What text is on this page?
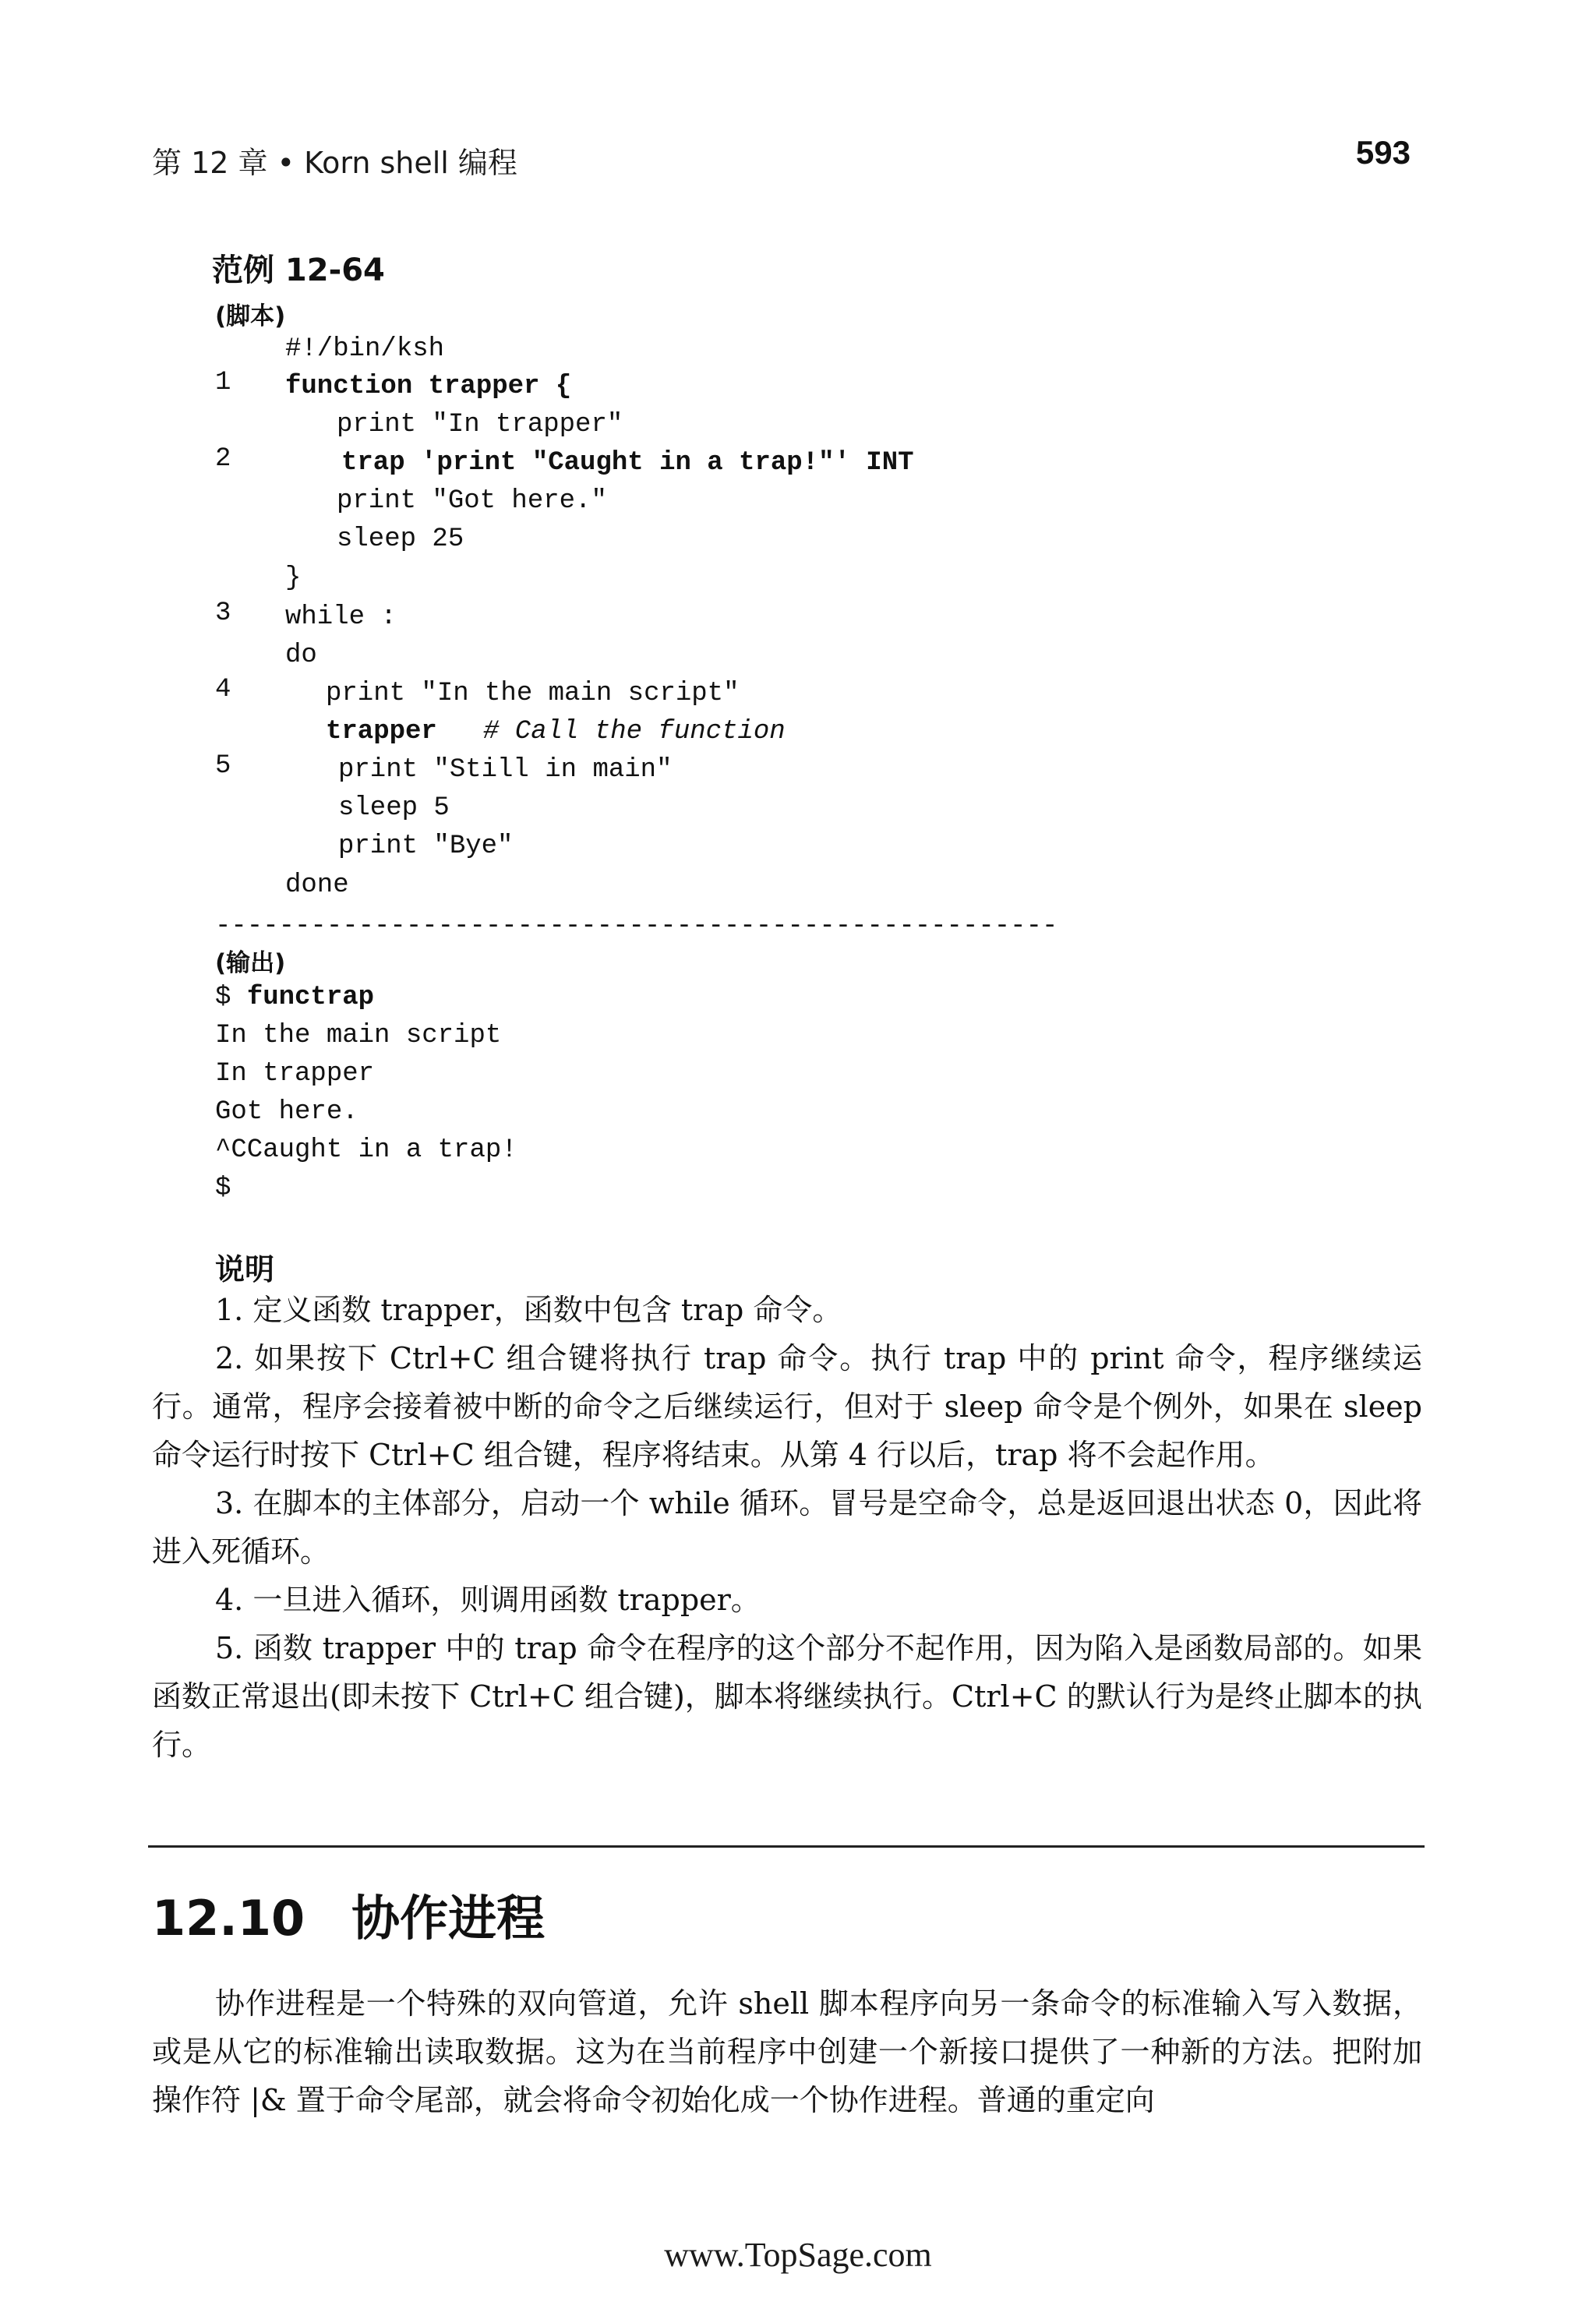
第 12 章 • Korn shell 编程	593
范例 12-64
(脚本)
1
2
3
4
5
#!/bin/ksh
function trapper {
print "In trapper"
trap 'print "Caught in a trap!"' INT
print "Got here."
sleep 25
}
while :
do
print "In the main script"
trapper # Call the function
print "Still in main"
sleep 5
print "Bye"
done
-----------------------------------------------------
(输出)
$ functrap
In the main script
In trapper
Got here.
^CCaught in a trap!
$
说明
1. 定义函数 trapper，函数中包含 trap 命令。
2. 如果按下 Ctrl+C 组合键将执行 trap 命令。执行 trap 中的 print 命令，程序继续运行。通常，程序会接着被中断的命令之后继续运行，但对于 sleep 命令是个例外，如果在 sleep 命令运行时按下 Ctrl+C 组合键，程序将结束。从第 4 行以后，trap 将不会起作用。
3. 在脚本的主体部分，启动一个 while 循环。冒号是空命令，总是返回退出状态 0，因此将进入死循环。
4. 一旦进入循环，则调用函数 trapper。
5. 函数 trapper 中的 trap 命令在程序的这个部分不起作用，因为陷入是函数局部的。如果函数正常退出(即未按下 Ctrl+C 组合键)，脚本将继续执行。Ctrl+C 的默认行为是终止脚本的执行。
12.10 协作进程
协作进程是一个特殊的双向管道，允许 shell 脚本程序向另一条命令的标准输入写入数据，或是从它的标准输出读取数据。这为在当前程序中创建一个新接口提供了一种新的方法。把附加操作符 |& 置于命令尾部，就会将命令初始化成一个协作进程。普通的重定向
www.TopSage.com
